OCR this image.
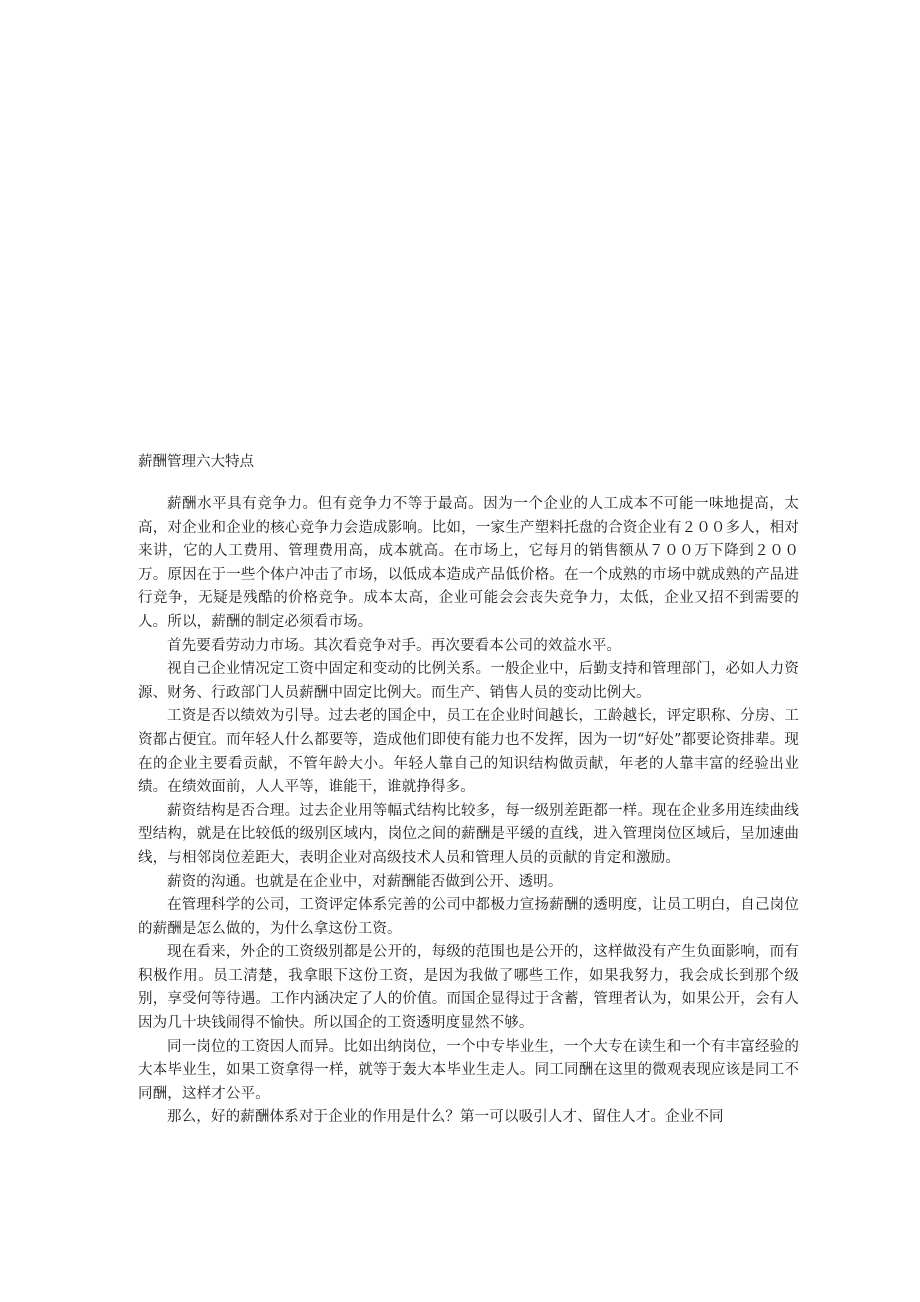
薪酬管理六大特点

薪酬水平具有竞争力。但有竞争力不等于最高。因为一个企业的人工成本不可能一味地提高，太高，对企业和企业的核心竞争力会造成影响。比如，一家生产塑料托盘的合资企业有２００多人，相对来讲，它的人工费用、管理费用高，成本就高。在市场上，它每月的销售额从７００万下降到２００万。原因在于一些个体户冲击了市场，以低成本造成产品低价格。在一个成熟的市场中就成熟的产品进行竞争，无疑是残酷的价格竞争。成本太高，企业可能会会丧失竞争力，太低，企业又招不到需要的人。所以，薪酬的制定必须看市场。

首先要看劳动力市场。其次看竞争对手。再次要看本公司的效益水平。

视自己企业情况定工资中固定和变动的比例关系。一般企业中，后勤支持和管理部门，必如人力资源、财务、行政部门人员薪酬中固定比例大。而生产、销售人员的变动比例大。

工资是否以绩效为引导。过去老的国企中，员工在企业时间越长，工龄越长，评定职称、分房、工资都占便宜。而年轻人什么都要等，造成他们即使有能力也不发挥，因为一切“好处”都要论资排辈。现在的企业主要看贡献，不管年龄大小。年轻人靠自己的知识结构做贡献，年老的人靠丰富的经验出业绩。在绩效面前，人人平等，谁能干，谁就挣得多。

薪资结构是否合理。过去企业用等幅式结构比较多，每一级别差距都一样。现在企业多用连续曲线型结构，就是在比较低的级别区域内，岗位之间的薪酬是平缓的直线，进入管理岗位区域后，呈加速曲线，与相邻岗位差距大，表明企业对高级技术人员和管理人员的贡献的肯定和激励。

薪资的沟通。也就是在企业中，对薪酬能否做到公开、透明。

在管理科学的公司，工资评定体系完善的公司中都极力宣扬薪酬的透明度，让员工明白，自己岗位的薪酬是怎么做的，为什么拿这份工资。

现在看来，外企的工资级别都是公开的，每级的范围也是公开的，这样做没有产生负面影响，而有积极作用。员工清楚，我拿眼下这份工资，是因为我做了哪些工作，如果我努力，我会成长到那个级别，享受何等待遇。工作内涵决定了人的价值。而国企显得过于含蓄，管理者认为，如果公开，会有人因为几十块钱闹得不愉快。所以国企的工资透明度显然不够。

同一岗位的工资因人而异。比如出纳岗位，一个中专毕业生，一个大专在读生和一个有丰富经验的大本毕业生，如果工资拿得一样，就等于轰大本毕业生走人。同工同酬在这里的微观表现应该是同工不同酬，这样才公平。

那么，好的薪酬体系对于企业的作用是什么？第一可以吸引人才、留住人才。企业不同
